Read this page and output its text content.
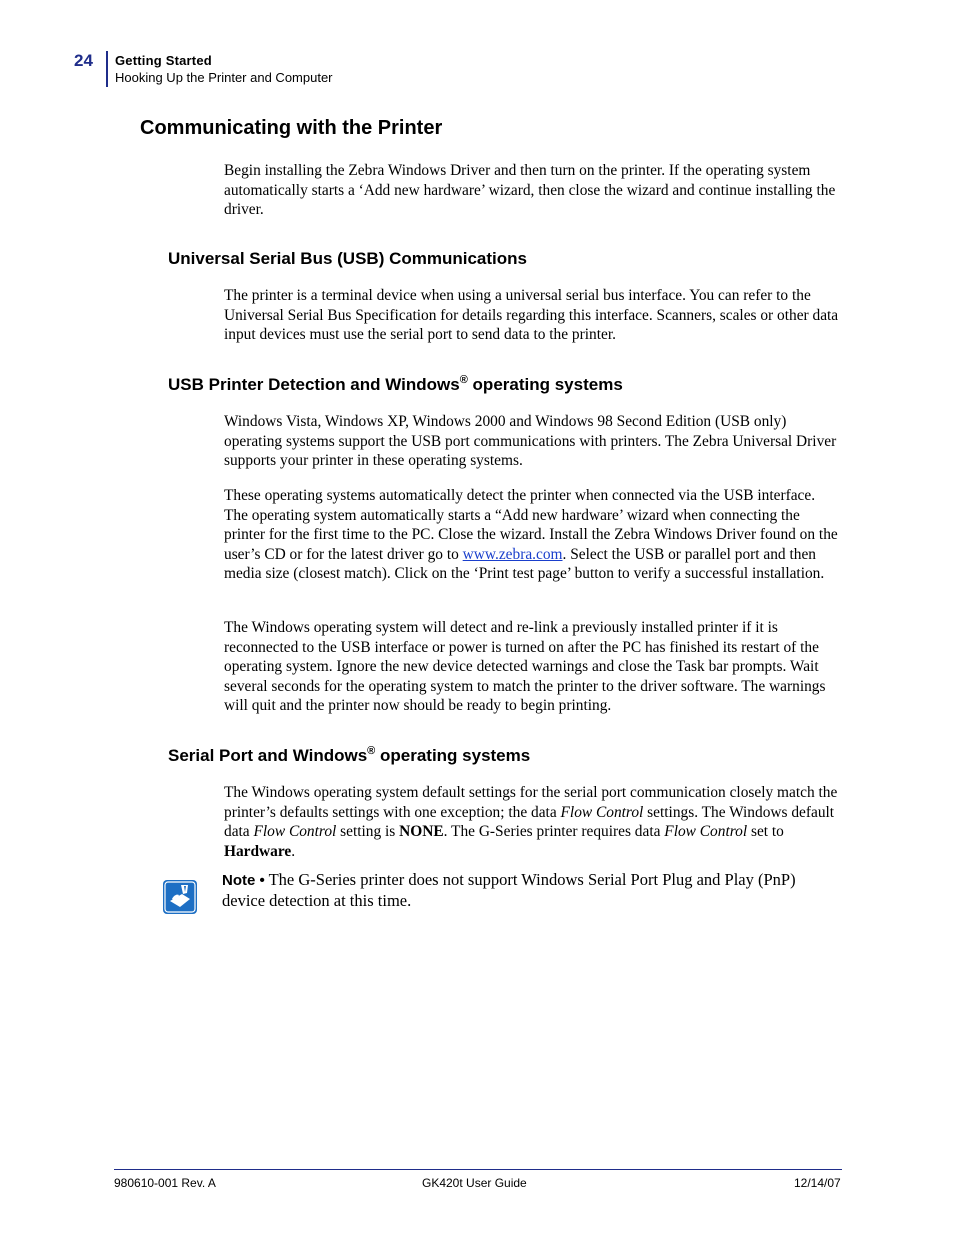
24 Getting Started
Hooking Up the Printer and Computer
Communicating with the Printer

Begin installing the Zebra Windows Driver and then turn on the printer. If the operating system automatically starts a ‘Add new hardware’ wizard, then close the wizard and continue installing the driver.

Universal Serial Bus (USB) Communications

The printer is a terminal device when using a universal serial bus interface. You can refer to the Universal Serial Bus Specification for details regarding this interface. Scanners, scales or other data input devices must use the serial port to send data to the printer.

USB Printer Detection and Windows® operating systems

Windows Vista, Windows XP, Windows 2000 and Windows 98 Second Edition (USB only) operating systems support the USB port communications with printers. The Zebra Universal Driver supports your printer in these operating systems.

These operating systems automatically detect the printer when connected via the USB interface. The operating system automatically starts a “Add new hardware’ wizard when connecting the printer for the first time to the PC. Close the wizard. Install the Zebra Windows Driver found on the user’s CD or for the latest driver go to www.zebra.com. Select the USB or parallel port and then media size (closest match). Click on the ‘Print test page’ button to verify a successful installation.

The Windows operating system will detect and re-link a previously installed printer if it is reconnected to the USB interface or power is turned on after the PC has finished its restart of the operating system. Ignore the new device detected warnings and close the Task bar prompts. Wait several seconds for the operating system to match the printer to the driver software. The warnings will quit and the printer now should be ready to begin printing.

Serial Port and Windows® operating systems

The Windows operating system default settings for the serial port communication closely match the printer’s defaults settings with one exception; the data Flow Control settings. The Windows default data Flow Control setting is NONE. The G-Series printer requires data Flow Control set to Hardware.

Note • The G-Series printer does not support Windows Serial Port Plug and Play (PnP) device detection at this time.

980610-001 Rev. A	GK420t User Guide	12/14/07
